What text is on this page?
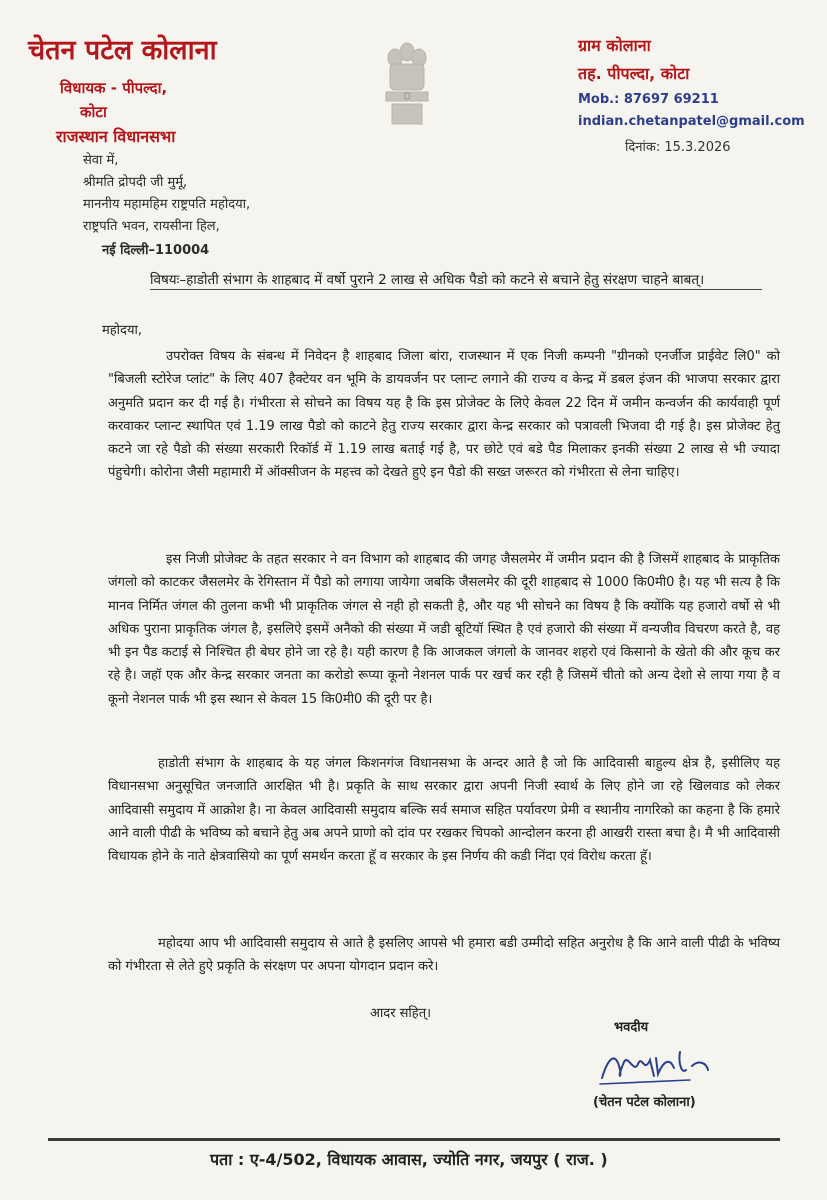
चेतन पटेल कोलाना
विधायक - पीपल्दा,
कोटा
राजस्थान विधानसभा
ग्राम कोलाना
तह. पीपल्दा, कोटा
Mob.: 87697 69211
indian.chetanpatel@gmail.com
दिनांक: 15.3.2026
सेवा में,
श्रीमति द्रोपदी जी मुर्मू,
माननीय महामहिम राष्ट्रपति महोदया,
राष्ट्रपति भवन, रायसीना हिल,
नई दिल्ली–110004
विषयः–हाडोती संभाग के शाहबाद में वर्षो पुराने 2 लाख से अधिक पैडो को कटने से बचाने हेतु संरक्षण चाहने बाबत्।
महोदया,
उपरोक्त विषय के संबन्ध में निवेदन है शाहबाद जिला बांरा, राजस्थान में एक निजी कम्पनी "ग्रीनको एनर्जीज प्राईवेट लि0" को "बिजली स्टोरेज प्लांट" के लिए 407 हैक्टेयर वन भूमि के डायवर्जन पर प्लान्ट लगाने की राज्य व केन्द्र में डबल इंजन की भाजपा सरकार द्वारा अनुमति प्रदान कर दी गई है। गंभीरता से सोचने का विषय यह है कि इस प्रोजेक्ट के लिऐ केवल 22 दिन में जमीन कन्वर्जन की कार्यवाही पूर्ण करवाकर प्लान्ट स्थापित एवं 1.19 लाख पैडो को काटने हेतु राज्य सरकार द्वारा केन्द्र सरकार को पत्रावली भिजवा दी गई है। इस प्रोजेक्ट हेतु कटने जा रहे पैडो की संख्या सरकारी रिकॉर्ड में 1.19 लाख बताई गई है, पर छोटे एवं बडे पैड मिलाकर इनकी संख्या 2 लाख से भी ज्यादा पंहुचेगी। कोरोना जैसी महामारी में ऑक्सीजन के महत्त्व को देखते हुऐ इन पैडो की सख्त जरूरत को गंभीरता से लेना चाहिए।
इस निजी प्रोजेक्ट के तहत सरकार ने वन विभाग को शाहबाद की जगह जैसलमेर में जमीन प्रदान की है जिसमें शाहबाद के प्राकृतिक जंगलो को काटकर जैसलमेर के रेगिस्तान में पैडो को लगाया जायेगा जबकि जैसलमेर की दूरी शाहबाद से 1000 कि0मी0 है। यह भी सत्य है कि मानव निर्मित जंगल की तुलना कभी भी प्राकृतिक जंगल से नही हो सकती है, और यह भी सोचने का विषय है कि क्योंकि यह हजारो वर्षो से भी अधिक पुराना प्राकृतिक जंगल है, इसलिऐ इसमें अनैको की संख्या में जडी बूटियॉ स्थित है एवं हजारो की संख्या में वन्यजीव विचरण करते है, वह भी इन पैड कटाई से निश्चित ही बेघर होने जा रहे है। यही कारण है कि आजकल जंगलो के जानवर शहरो एवं किसानो के खेतो की और कूच कर रहे है। जहॉ एक और केन्द्र सरकार जनता का करोडो रूप्या कूनो नेशनल पार्क पर खर्च कर रही है जिसमें चीतो को अन्य देशो से लाया गया है व कूनो नेशनल पार्क भी इस स्थान से केवल 15 कि0मी0 की दूरी पर है।
हाडोती संभाग के शाहबाद के यह जंगल किशनगंज विधानसभा के अन्दर आते है जो कि आदिवासी बाहुल्य क्षेत्र है, इसीलिए यह विधानसभा अनुसूचित जनजाति आरक्षित भी है। प्रकृति के साथ सरकार द्वारा अपनी निजी स्वार्थ के लिए होने जा रहे खिलवाड को लेकर आदिवासी समुदाय में आक्रोश है। ना केवल आदिवासी समुदाय बल्कि सर्व समाज सहित पर्यावरण प्रेमी व स्थानीय नागरिको का कहना है कि हमारे आने वाली पीढी के भविष्य को बचाने हेतु अब अपने प्राणो को दांव पर रखकर चिपको आन्दोलन करना ही आखरी रास्ता बचा है। मै भी आदिवासी विधायक होने के नाते क्षेत्रवासियो का पूर्ण समर्थन करता हूॅ व सरकार के इस निर्णय की कडी निंदा एवं विरोध करता हूॅ।
महोदया आप भी आदिवासी समुदाय से आते है इसलिए आपसे भी हमारा बडी उम्मीदो सहित अनुरोध है कि आने वाली पीढी के भविष्य को गंभीरता से लेते हुऐ प्रकृति के संरक्षण पर अपना योगदान प्रदान करे।
आदर सहित्।
भवदीय
(चेतन पटेल कोलाना)
पता : ए-4/502, विधायक आवास, ज्योति नगर, जयपुर ( राज. )
